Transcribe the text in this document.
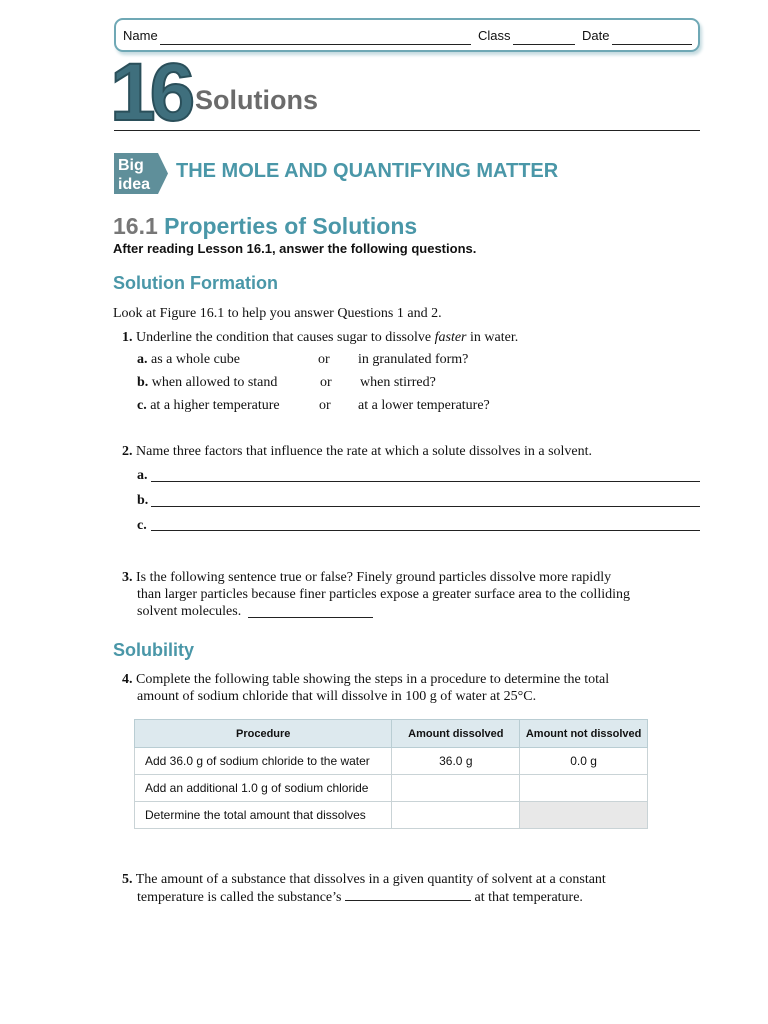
Name	Class	Date
16 Solutions
Big
idea
THE MOLE AND QUANTIFYING MATTER
16.1 Properties of Solutions
After reading Lesson 16.1, answer the following questions.
Solution Formation
Look at Figure 16.1 to help you answer Questions 1 and 2.
1. Underline the condition that causes sugar to dissolve faster in water.
a. as a whole cube	or in granulated form?
b. when allowed to stand	or when stirred?
c. at a higher temperature	or at a lower temperature?
2. Name three factors that influence the rate at which a solute dissolves in a solvent.
a.
b.
c.
3. Is the following sentence true or false? Finely ground particles dissolve more rapidly
than larger particles because finer particles expose a greater surface area to the colliding
solvent molecules.
Solubility
4. Complete the following table showing the steps in a procedure to determine the total
amount of sodium chloride that will dissolve in 100 g of water at 25°C.
Procedure	Amount dissolved	Amount not dissolved
Add 36.0 g of sodium chloride to the water	36.0 g	0.0 g
Add an additional 1.0 g of sodium chloride		
Determine the total amount that dissolves		
5. The amount of a substance that dissolves in a given quantity of solvent at a constant
temperature is called the substance’s	at that temperature.
